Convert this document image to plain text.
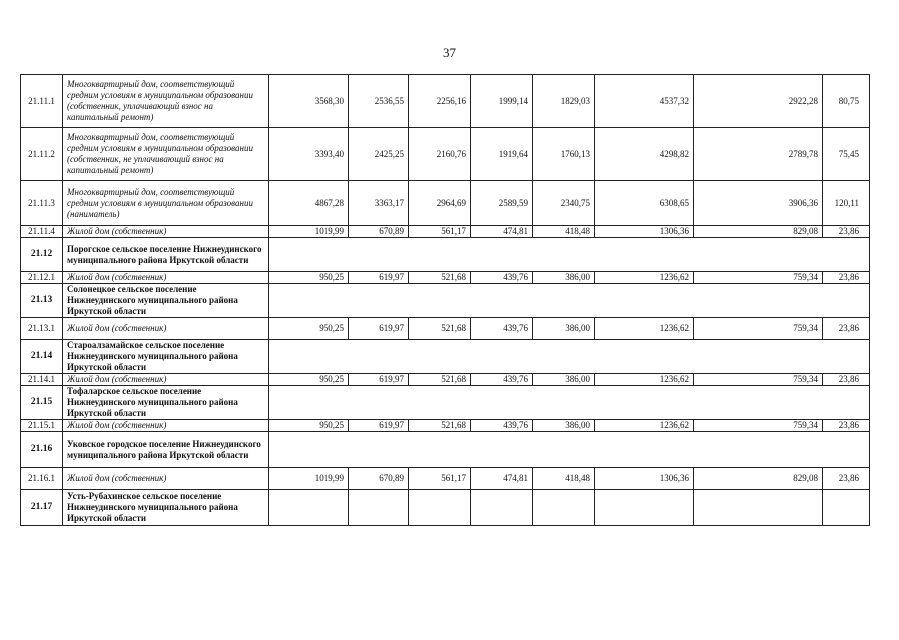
37
21.11.1	Многоквартирный дом, соответствующий средним условиям в муниципальном образовании (собственник, уплачивающий взнос на капитальный ремонт)	3568,30	2536,55	2256,16	1999,14	1829,03	4537,32	2922,28	80,75
21.11.2	Многоквартирный дом, соответствующий средним условиям в муниципальном образовании (собственник, не уплачивающий взнос на капитальный ремонт)	3393,40	2425,25	2160,76	1919,64	1760,13	4298,82	2789,78	75,45
21.11.3	Многоквартирный дом, соответствующий средним условиям в муниципальном образовании (наниматель)	4867,28	3363,17	2964,69	2589,59	2340,75	6308,65	3906,36	120,11
21.11.4	Жилой дом (собственник)	1019,99	670,89	561,17	474,81	418,48	1306,36	829,08	23,86
21.12	Порогское сельское поселение Нижнеудинского муниципального района Иркутской области								
21.12.1	Жилой дом (собственник)	950,25	619,97	521,68	439,76	386,00	1236,62	759,34	23,86
21.13	Солонецкое сельское поселение Нижнеудинского муниципального района Иркутской области								
21.13.1	Жилой дом (собственник)	950,25	619,97	521,68	439,76	386,00	1236,62	759,34	23,86
21.14	Староалзамайское сельское поселение Нижнеудинского муниципального района Иркутской области								
21.14.1	Жилой дом (собственник)	950,25	619,97	521,68	439,76	386,00	1236,62	759,34	23,86
21.15	Тофаларское сельское поселение Нижнеудинского муниципального района Иркутской области								
21.15.1	Жилой дом (собственник)	950,25	619,97	521,68	439,76	386,00	1236,62	759,34	23,86
21.16	Уковское городское поселение Нижнеудинского муниципального района Иркутской области								
21.16.1	Жилой дом (собственник)	1019,99	670,89	561,17	474,81	418,48	1306,36	829,08	23,86
21.17	Усть-Рубахинское сельское поселение Нижнеудинского муниципального района Иркутской области								
